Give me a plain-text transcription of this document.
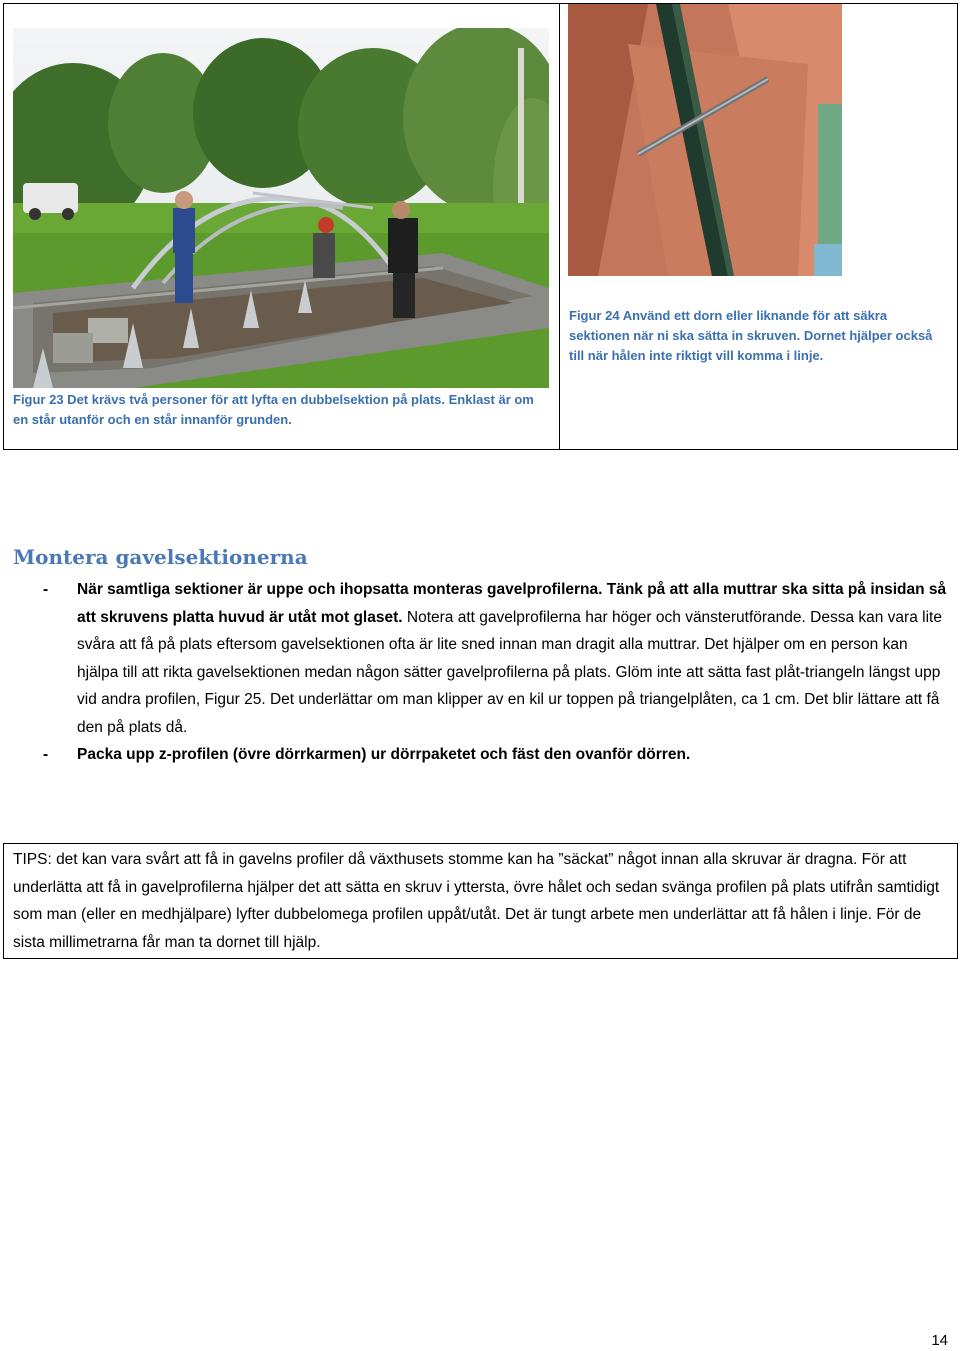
Figur 23 Det krävs två personer för att lyfta en dubbelsektion på plats. Enklast är om en står utanför och en står innanför grunden.
Figur 24 Använd ett dorn eller liknande för att säkra sektionen när ni ska sätta in skruven. Dornet hjälper också till när hålen inte riktigt vill komma i linje.
Montera gavelsektionerna
- När samtliga sektioner är uppe och ihopsatta monteras gavelprofilerna. Tänk på att alla muttrar ska sitta på insidan så att skruvens platta huvud är utåt mot glaset. Notera att gavelprofilerna har höger och vänsterutförande. Dessa kan vara lite svåra att få på plats eftersom gavelsektionen ofta är lite sned innan man dragit alla muttrar. Det hjälper om en person kan hjälpa till att rikta gavelsektionen medan någon sätter gavelprofilerna på plats. Glöm inte att sätta fast plåt-triangeln längst upp vid andra profilen, Figur 25. Det underlättar om man klipper av en kil ur toppen på triangelplåten, ca 1 cm. Det blir lättare att få den på plats då.
- Packa upp z-profilen (övre dörrkarmen) ur dörrpaketet och fäst den ovanför dörren.
TIPS: det kan vara svårt att få in gavelns profiler då växthusets stomme kan ha ”säckat” något innan alla skruvar är dragna. För att underlätta att få in gavelprofilerna hjälper det att sätta en skruv i yttersta, övre hålet och sedan svänga profilen på plats utifrån samtidigt som man (eller en medhjälpare) lyfter dubbelomega profilen uppåt/utåt. Det är tungt arbete men underlättar att få hålen i linje. För de sista millimetrarna får man ta dornet till hjälp.
14
